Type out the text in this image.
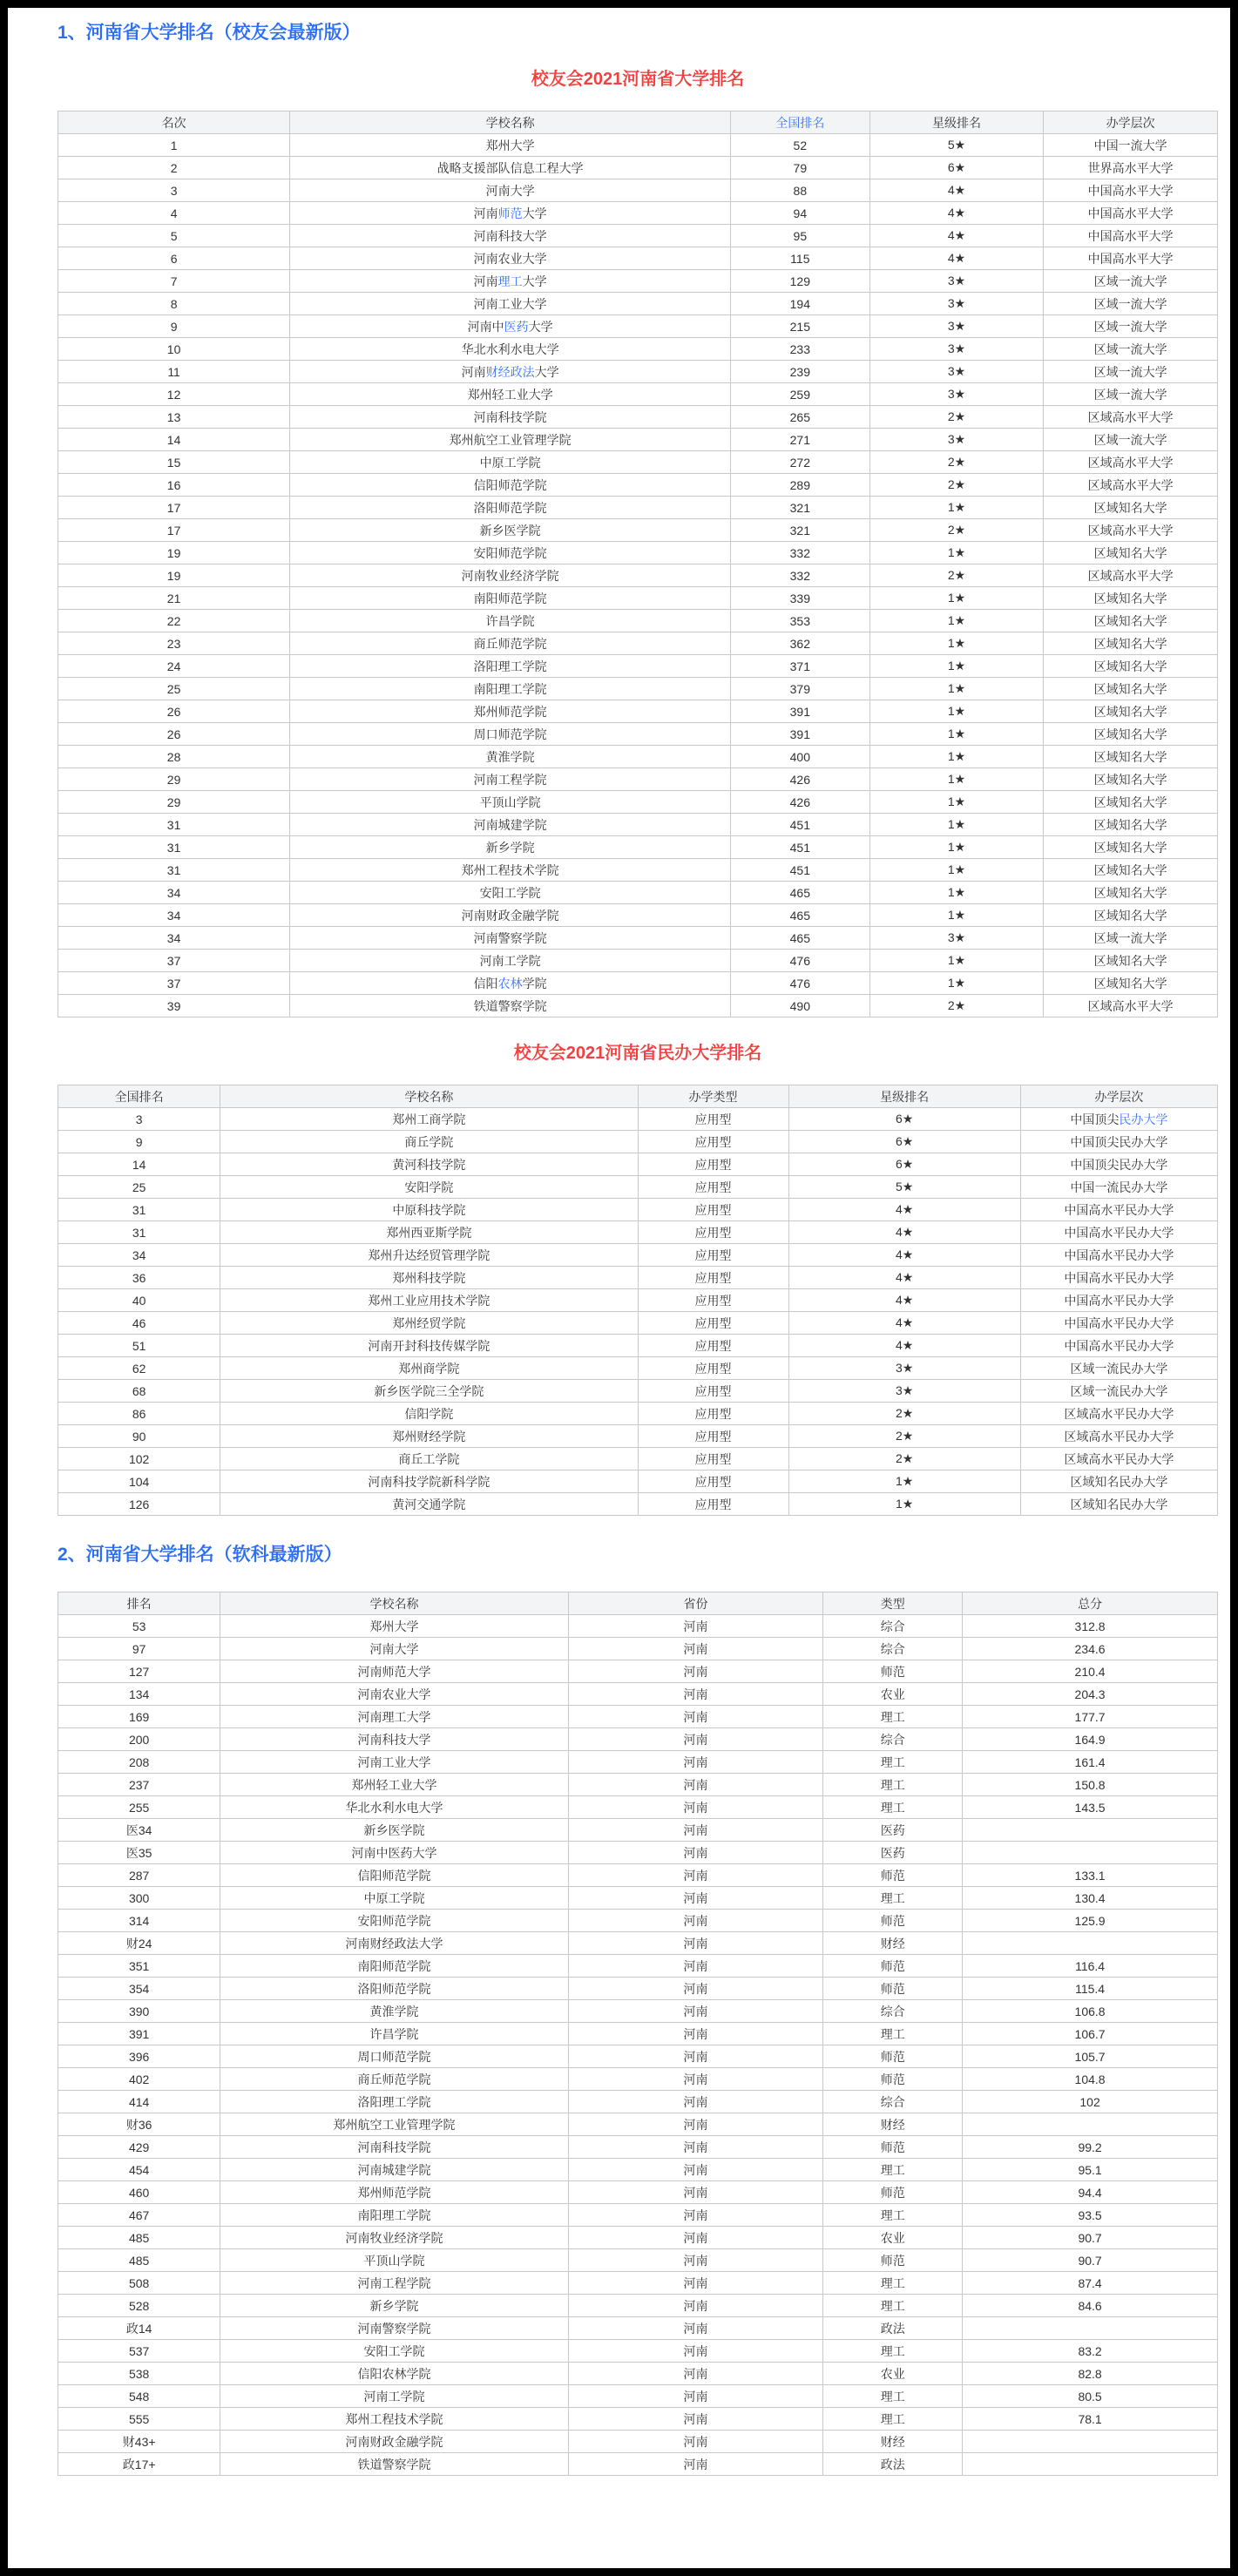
1、河南省大学排名（校友会最新版）
校友会2021河南省大学排名
名次	学校名称	全国排名	星级排名	办学层次
1	郑州大学	52	5★	中国一流大学
2	战略支援部队信息工程大学	79	6★	世界高水平大学
3	河南大学	88	4★	中国高水平大学
4	河南师范大学	94	4★	中国高水平大学
5	河南科技大学	95	4★	中国高水平大学
6	河南农业大学	115	4★	中国高水平大学
7	河南理工大学	129	3★	区域一流大学
8	河南工业大学	194	3★	区域一流大学
9	河南中医药大学	215	3★	区域一流大学
10	华北水利水电大学	233	3★	区域一流大学
11	河南财经政法大学	239	3★	区域一流大学
12	郑州轻工业大学	259	3★	区域一流大学
13	河南科技学院	265	2★	区域高水平大学
14	郑州航空工业管理学院	271	3★	区域一流大学
15	中原工学院	272	2★	区域高水平大学
16	信阳师范学院	289	2★	区域高水平大学
17	洛阳师范学院	321	1★	区域知名大学
17	新乡医学院	321	2★	区域高水平大学
19	安阳师范学院	332	1★	区域知名大学
19	河南牧业经济学院	332	2★	区域高水平大学
21	南阳师范学院	339	1★	区域知名大学
22	许昌学院	353	1★	区域知名大学
23	商丘师范学院	362	1★	区域知名大学
24	洛阳理工学院	371	1★	区域知名大学
25	南阳理工学院	379	1★	区域知名大学
26	郑州师范学院	391	1★	区域知名大学
26	周口师范学院	391	1★	区域知名大学
28	黄淮学院	400	1★	区域知名大学
29	河南工程学院	426	1★	区域知名大学
29	平顶山学院	426	1★	区域知名大学
31	河南城建学院	451	1★	区域知名大学
31	新乡学院	451	1★	区域知名大学
31	郑州工程技术学院	451	1★	区域知名大学
34	安阳工学院	465	1★	区域知名大学
34	河南财政金融学院	465	1★	区域知名大学
34	河南警察学院	465	3★	区域一流大学
37	河南工学院	476	1★	区域知名大学
37	信阳农林学院	476	1★	区域知名大学
39	铁道警察学院	490	2★	区域高水平大学
校友会2021河南省民办大学排名
全国排名	学校名称	办学类型	星级排名	办学层次
3	郑州工商学院	应用型	6★	中国顶尖民办大学
9	商丘学院	应用型	6★	中国顶尖民办大学
14	黄河科技学院	应用型	6★	中国顶尖民办大学
25	安阳学院	应用型	5★	中国一流民办大学
31	中原科技学院	应用型	4★	中国高水平民办大学
31	郑州西亚斯学院	应用型	4★	中国高水平民办大学
34	郑州升达经贸管理学院	应用型	4★	中国高水平民办大学
36	郑州科技学院	应用型	4★	中国高水平民办大学
40	郑州工业应用技术学院	应用型	4★	中国高水平民办大学
46	郑州经贸学院	应用型	4★	中国高水平民办大学
51	河南开封科技传媒学院	应用型	4★	中国高水平民办大学
62	郑州商学院	应用型	3★	区域一流民办大学
68	新乡医学院三全学院	应用型	3★	区域一流民办大学
86	信阳学院	应用型	2★	区域高水平民办大学
90	郑州财经学院	应用型	2★	区域高水平民办大学
102	商丘工学院	应用型	2★	区域高水平民办大学
104	河南科技学院新科学院	应用型	1★	区域知名民办大学
126	黄河交通学院	应用型	1★	区域知名民办大学
2、河南省大学排名（软科最新版）
排名	学校名称	省份	类型	总分
53	郑州大学	河南	综合	312.8
97	河南大学	河南	综合	234.6
127	河南师范大学	河南	师范	210.4
134	河南农业大学	河南	农业	204.3
169	河南理工大学	河南	理工	177.7
200	河南科技大学	河南	综合	164.9
208	河南工业大学	河南	理工	161.4
237	郑州轻工业大学	河南	理工	150.8
255	华北水利水电大学	河南	理工	143.5
医34	新乡医学院	河南	医药	
医35	河南中医药大学	河南	医药	
287	信阳师范学院	河南	师范	133.1
300	中原工学院	河南	理工	130.4
314	安阳师范学院	河南	师范	125.9
财24	河南财经政法大学	河南	财经	
351	南阳师范学院	河南	师范	116.4
354	洛阳师范学院	河南	师范	115.4
390	黄淮学院	河南	综合	106.8
391	许昌学院	河南	理工	106.7
396	周口师范学院	河南	师范	105.7
402	商丘师范学院	河南	师范	104.8
414	洛阳理工学院	河南	综合	102
财36	郑州航空工业管理学院	河南	财经	
429	河南科技学院	河南	师范	99.2
454	河南城建学院	河南	理工	95.1
460	郑州师范学院	河南	师范	94.4
467	南阳理工学院	河南	理工	93.5
485	河南牧业经济学院	河南	农业	90.7
485	平顶山学院	河南	师范	90.7
508	河南工程学院	河南	理工	87.4
528	新乡学院	河南	理工	84.6
政14	河南警察学院	河南	政法	
537	安阳工学院	河南	理工	83.2
538	信阳农林学院	河南	农业	82.8
548	河南工学院	河南	理工	80.5
555	郑州工程技术学院	河南	理工	78.1
财43+	河南财政金融学院	河南	财经	
政17+	铁道警察学院	河南	政法	
